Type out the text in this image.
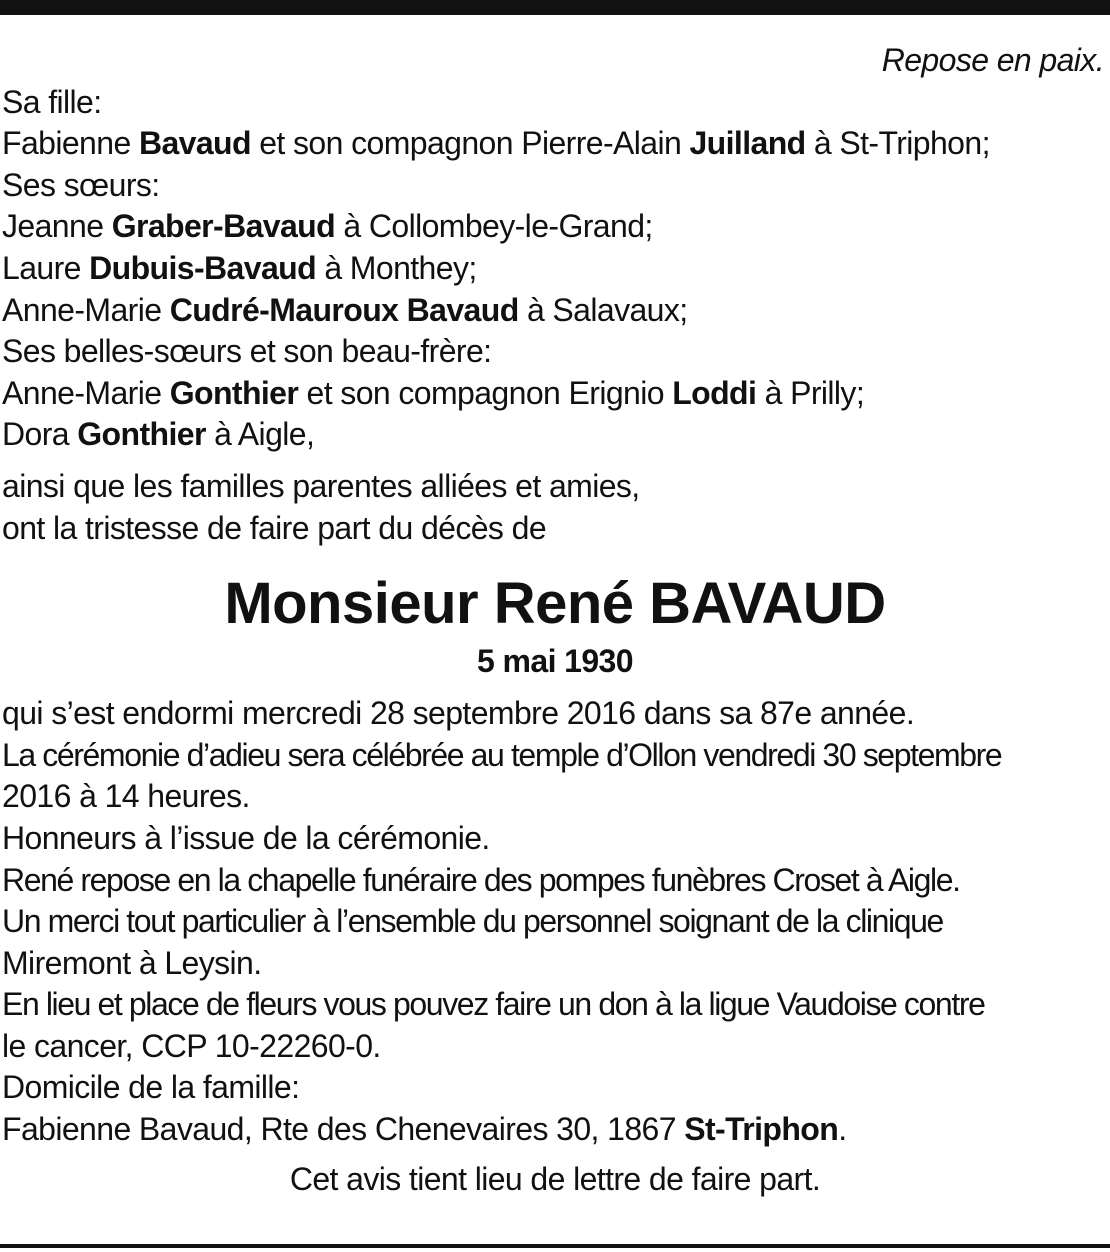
Repose en paix.
Sa fille:
Fabienne Bavaud et son compagnon Pierre-Alain Juilland à St-Triphon;
Ses sœurs:
Jeanne Graber-Bavaud à Collombey-le-Grand;
Laure Dubuis-Bavaud à Monthey;
Anne-Marie Cudré-Mauroux Bavaud à Salavaux;
Ses belles-sœurs et son beau-frère:
Anne-Marie Gonthier et son compagnon Erignio Loddi à Prilly;
Dora Gonthier à Aigle,
ainsi que les familles parentes alliées et amies,
ont la tristesse de faire part du décès de
Monsieur René BAVAUD
5 mai 1930
qui s’est endormi mercredi 28 septembre 2016 dans sa 87e année.
La cérémonie d’adieu sera célébrée au temple d’Ollon vendredi 30 septembre
2016 à 14 heures.
Honneurs à l’issue de la cérémonie.
René repose en la chapelle funéraire des pompes funèbres Croset à Aigle.
Un merci tout particulier à l’ensemble du personnel soignant de la clinique
Miremont à Leysin.
En lieu et place de fleurs vous pouvez faire un don à la ligue Vaudoise contre
le cancer, CCP 10-22260-0.
Domicile de la famille:
Fabienne Bavaud, Rte des Chenevaires 30, 1867 St-Triphon.
Cet avis tient lieu de lettre de faire part.
